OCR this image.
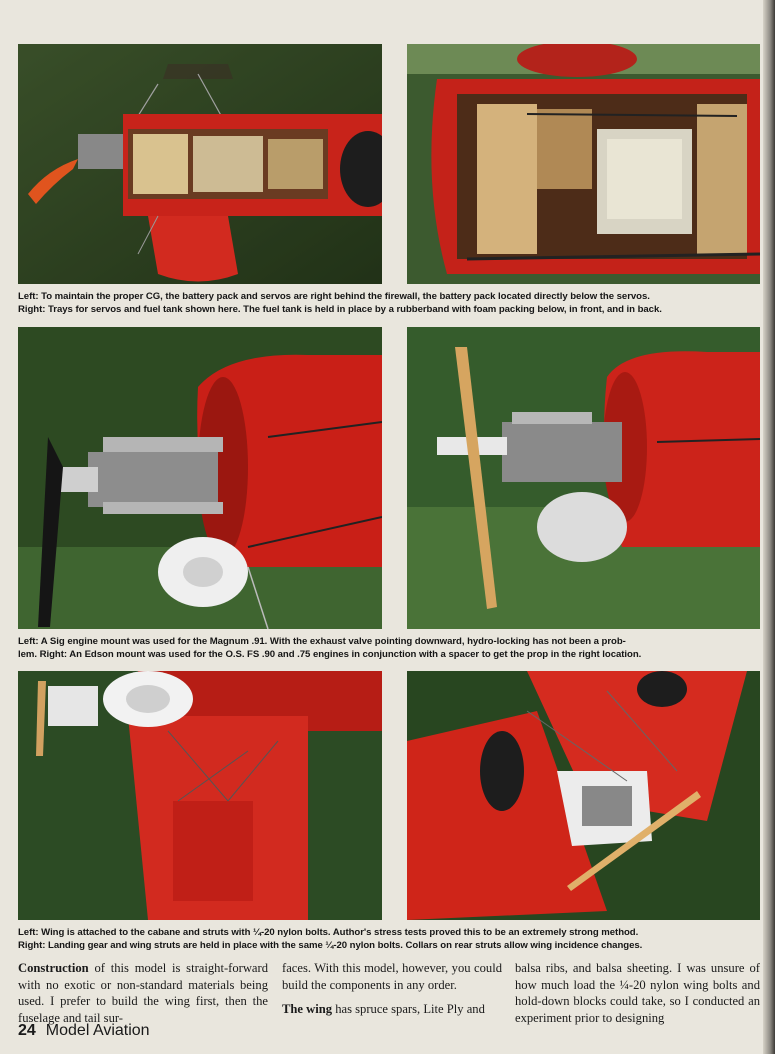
Left: To maintain the proper CG, the battery pack and servos are right behind the firewall, the battery pack located directly below the servos.
Right: Trays for servos and fuel tank shown here. The fuel tank is held in place by a rubberband with foam packing below, in front, and in back.
Left: A Sig engine mount was used for the Magnum .91. With the exhaust valve pointing downward, hydro-locking has not been a prob-
lem. Right: An Edson mount was used for the O.S. FS .90 and .75 engines in conjunction with a spacer to get the prop in the right location.
Left: Wing is attached to the cabane and struts with ¼-20 nylon bolts. Author's stress tests proved this to be an extremely strong method.
Right: Landing gear and wing struts are held in place with the same ¼-20 nylon bolts. Collars on rear struts allow wing incidence changes.

Construction of this model is straight-forward with no exotic or non-standard materials being used. I prefer to build the wing first, then the fuselage and tail sur-

faces. With this model, however, you could build the components in any order.

The wing has spruce spars, Lite Ply and

balsa ribs, and balsa sheeting. I was unsure of how much load the ¼-20 nylon wing bolts and hold-down blocks could take, so I conducted an experiment prior to designing

24 Model Aviation
